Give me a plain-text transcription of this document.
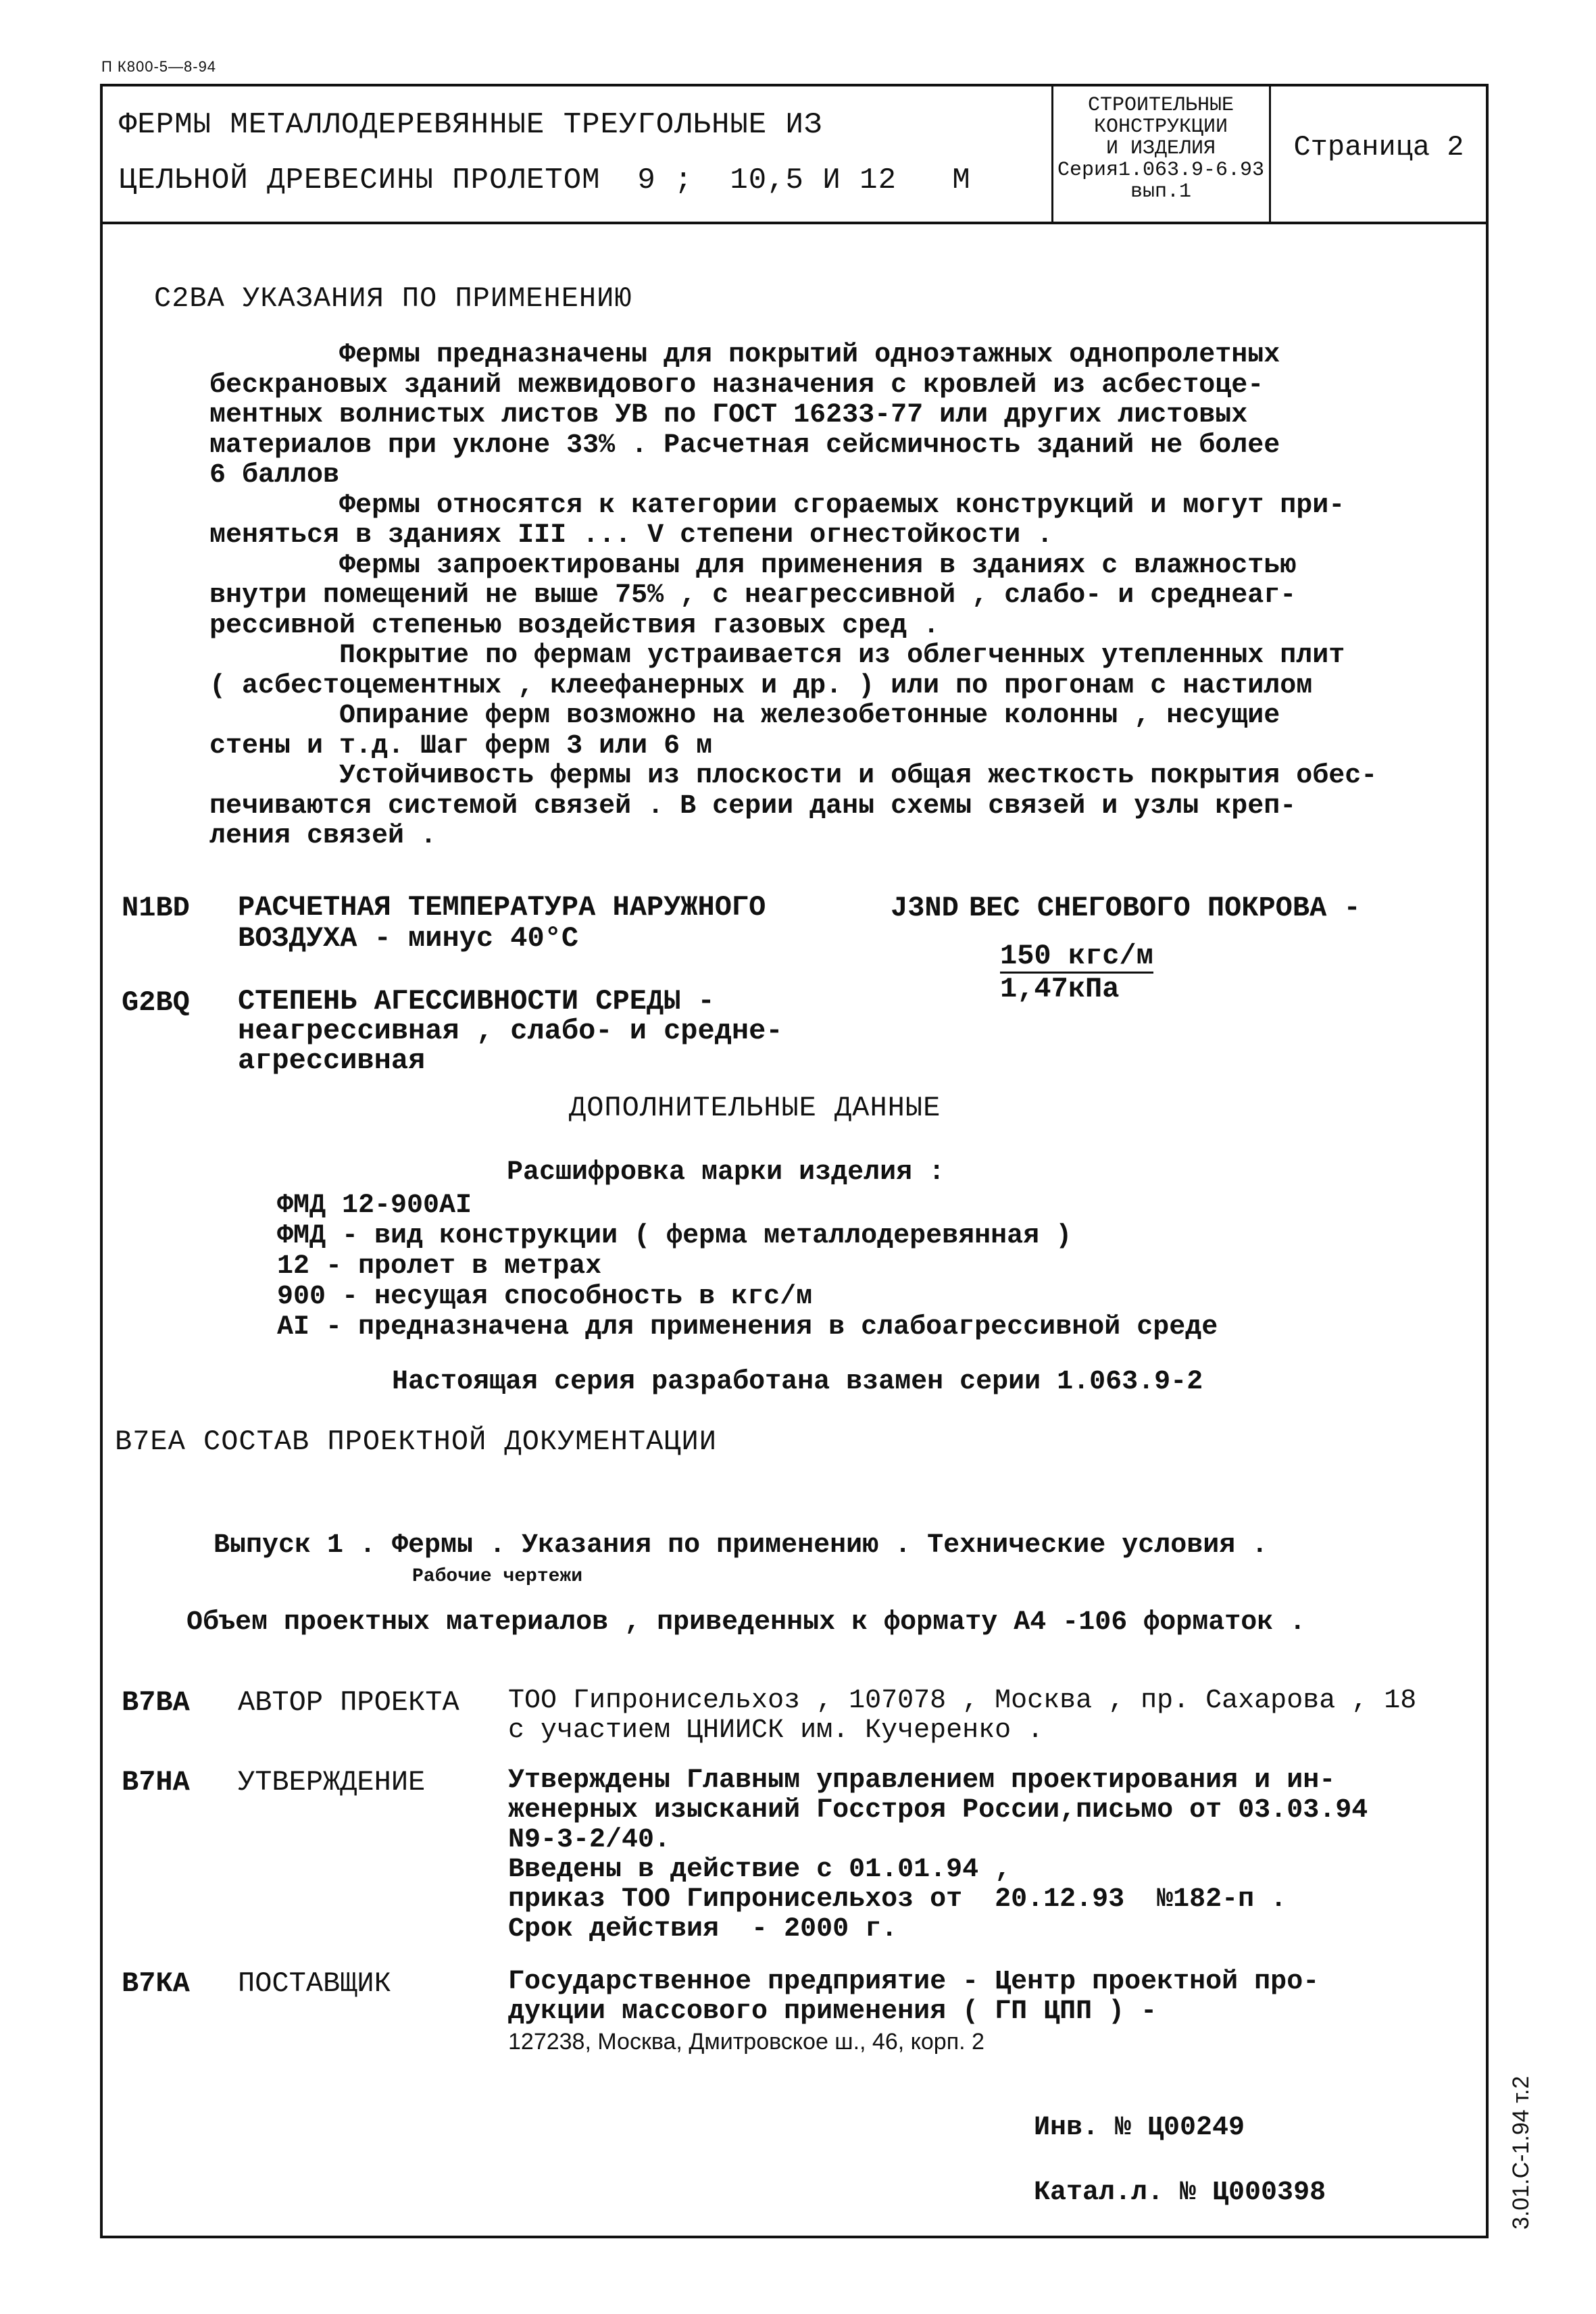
П К800-5—8-94
ФЕРМЫ МЕТАЛЛОДЕРЕВЯННЫЕ ТРЕУГОЛЬНЫЕ ИЗ
ЦЕЛЬНОЙ ДРЕВЕСИНЫ ПРОЛЕТОМ  9 ;  10,5 И 12   М
СТРОИТЕЛЬНЫЕ
КОНСТРУКЦИИ
И ИЗДЕЛИЯ
Серия1.063.9-6.93
вып.1
Страница 2
С2ВА УКАЗАНИЯ ПО ПРИМЕНЕНИЮ

Фермы предназначены для покрытий одноэтажных однопролетных

бескрановых зданий межвидового назначения с кровлей из асбестоце-

ментных волнистых листов УВ по ГОСТ 16233-77 или других листовых

материалов при уклоне 33% . Расчетная сейсмичность зданий не более

6 баллов

Фермы относятся к категории сгораемых конструкций и могут при-

меняться в зданиях III ... V степени огнестойкости .

Фермы запроектированы для применения в зданиях с влажностью

внутри помещений не выше 75% , с неагрессивной , слабо- и среднеаг-

рессивной степенью воздействия газовых сред .

Покрытие по фермам устраивается из облегченных утепленных плит

( асбестоцементных , клеефанерных и др. ) или по прогонам с настилом

Опирание ферм возможно на железобетонные колонны , несущие

стены и т.д. Шаг ферм 3 или 6 м

Устойчивость фермы из плоскости и общая жесткость покрытия обес-

печиваются системой связей . В серии даны схемы связей и узлы креп-

ления связей .

N1BD РАСЧЕТНАЯ ТЕМПЕРАТУРА НАРУЖНОГО
ВОЗДУХА - минус 40°С
J3ND ВЕС СНЕГОВОГО ПОКРОВА -
150 кгс/м
1,47кПа
G2BQ СТЕПЕНЬ АГЕССИВНОСТИ СРЕДЫ -
неагрессивная , слабо- и средне-
агрессивная
ДОПОЛНИТЕЛЬНЫЕ ДАННЫЕ
Расшифровка марки изделия :

ФМД 12-900АI

ФМД - вид конструкции ( ферма металлодеревянная )

12 - пролет в метрах

900 - несущая способность в кгс/м

АI - предназначена для применения в слабоагрессивной среде

Настоящая серия разработана взамен серии 1.063.9-2
В7ЕА СОСТАВ ПРОЕКТНОЙ ДОКУМЕНТАЦИИ
Выпуск 1 . Фермы . Указания по применению . Технические условия .
Рабочие чертежи
Объем проектных материалов , приведенных к формату А4 -106 форматок .
В7ВА АВТОР ПРОЕКТА ТОО Гипронисельхоз , 107078 , Москва , пр. Сахарова , 18

с участием ЦНИИСК им. Кучеренко .

В7НА УТВЕРЖДЕНИЕ	Утверждены Главным управлением проектирования и ин-

женерных изысканий Госстроя России,письмо от 03.03.94

N9-3-2/40.

Введены в действие с 01.01.94 ,

приказ ТОО Гипронисельхоз от  20.12.93  №182-п .

Срок действия  - 2000 г.

В7КА ПОСТАВЩИК	Государственное предприятие - Центр проектной про-

дукции массового применения ( ГП ЦПП ) -

127238, Москва, Дмитровское ш., 46, корп. 2

Инв. № Ц00249
Катал.л. № Ц000398	3.01.С-1.94 т.2
